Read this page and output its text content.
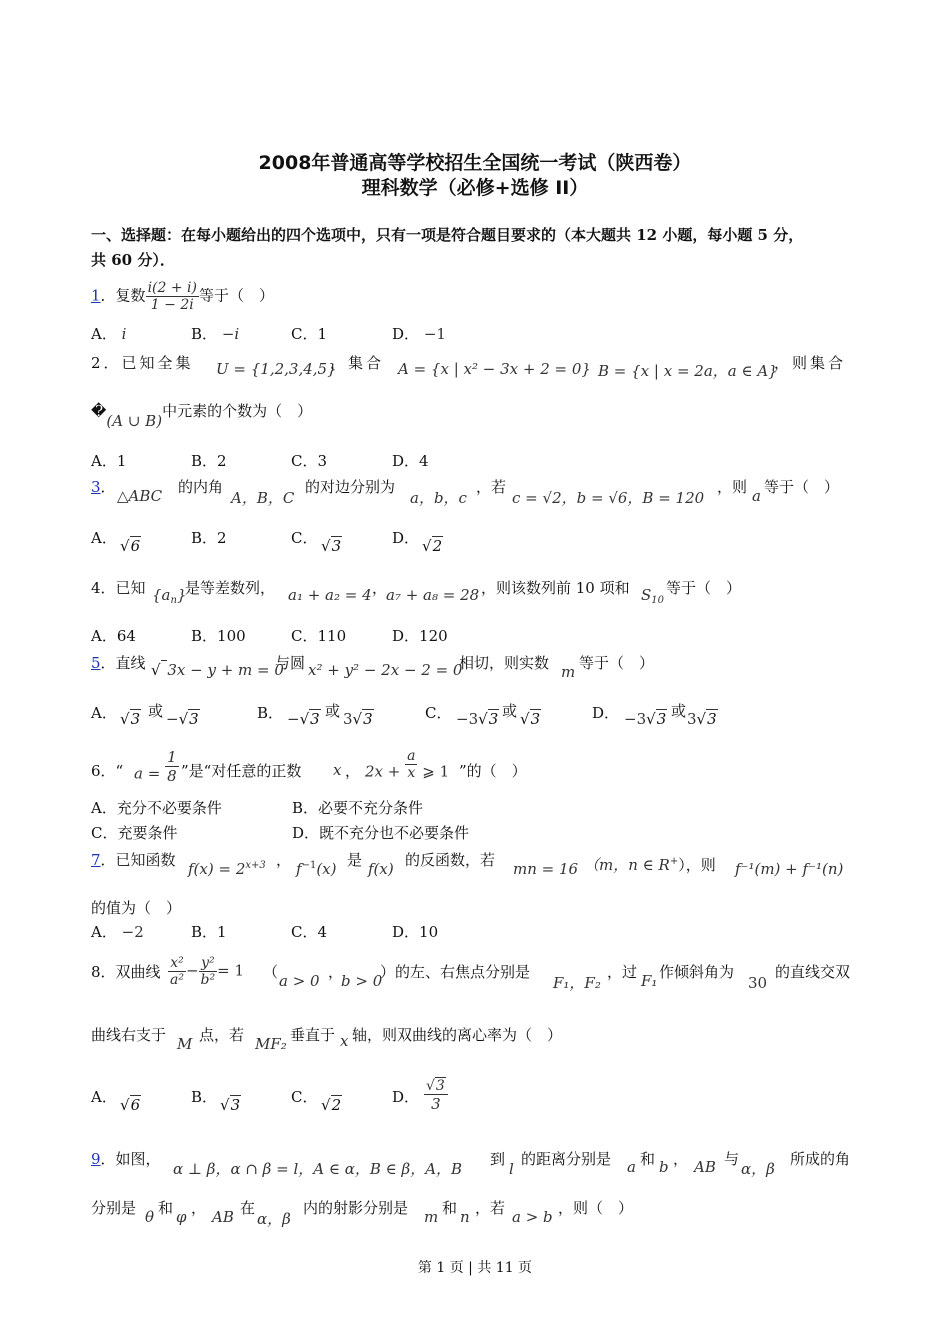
2008年普通高等学校招生全国统一考试（陕西卷）
理科数学（必修+选修 II）
一、选择题：在每小题给出的四个选项中，只有一项是符合题目要求的（本大题共 12 小题，每小题 5 分，
共 60 分）．
1．复数 $\frac{i(2 + i)}{1 - 2i}$ 等于（　）
A． i	B． −i	C．1	D． −1
2．已知全集 U = {1,2,3,4,5}
，集合 A = {x | x² − 3x + 2 = 0} B = {x | x = 2a，a ∈ A}
，则集合
�(A ∪ B)中元素的个数为（　）
A．1	B．2	C．3	D．4
3． △ABC 的内角
A，B，C
的对边分别为
a，b，c
，若
c = √2，b = √6，B = 120
，则 a 等于（　）
A． √6	B．2	C． √3	D． √2
4．已知 $\{a_n\}$
是等差数列， a₁ + a₂ = 4 ，
a₇ + a₈ = 28 ，则该数列前 10 项和 $S_{10}$
等于（　）
A．64	B．100	C．110	D．120
5．直线 √ 3x − y + m = 0
与圆 x² + y² − 2x − 2 = 0
相切，则实数 m 等于（　）
A． √3 或 −√3	B． −√3 或 3√3	C． −3√3 或 √3	D． −3√3 或 3√3
6．“ $a = \frac{1}{8}$ ”是“对任意的正数 x ， $2x + \frac{a}{x}$ ⩾ 1 ”的（　）
A．充分不必要条件	B．必要不充分条件
C．充要条件	D．既不充分也不必要条件
7．已知函数 $f(x) = 2^{x+3}$ ， $f^{-1}(x)$ 是 f(x) 的反函数，若 mn = 16 （m，n ∈ R+），则 f⁻¹(m) + f⁻¹(n)
的值为（　）
A． −2	B．1	C．4	D．10
8．双曲线 $\frac{\text{x²}}{\text{a²}} - \frac{\text{y²}}{\text{b²}} = 1$ （ a > 0 ，
b > 0
）的左、右焦点分别是
F₁，F₂
，过 F₁ 作倾斜角为
30
的直线交双
曲线右支于 M 点，若 MF₂ 垂直于 x 轴，则双曲线的离心率为（　）
A． √6	B． √3	C． √2	D． $\frac{√3}{3}$
9．如图，
α ⊥ β，α ∩ β = l，A ∈ α，B ∈ β，A，B
到
l
的距离分别是 a 和 b ， AB 与
α，β
所成的角
分别是 θ 和 φ ， AB 在
α，β
内的射影分别是 m 和 n ，若 a > b ，则（　）
第 1 页 | 共 11 页
